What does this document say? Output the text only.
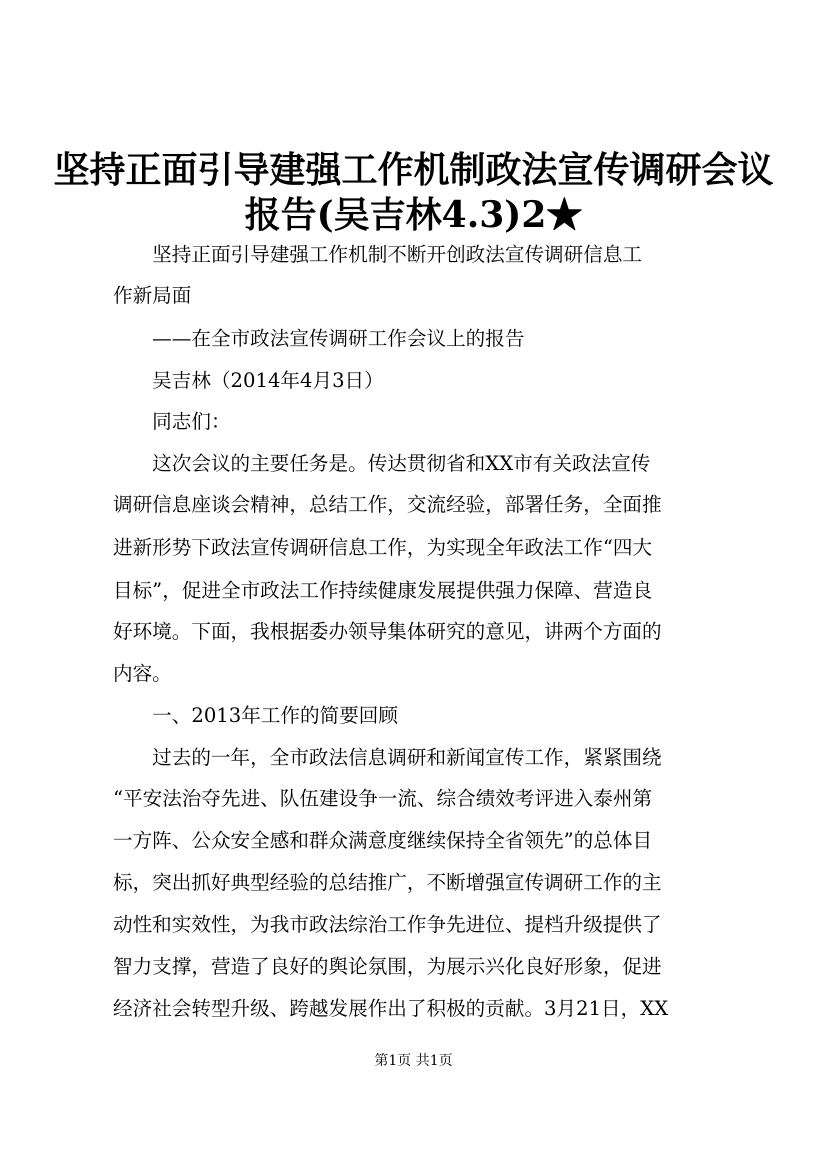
坚持正面引导建强工作机制政法宣传调研会议
报告(吴吉林4.3)2★
　　坚持正面引导建强工作机制不断开创政法宣传调研信息工
作新局面
　　——在全市政法宣传调研工作会议上的报告
　　吴吉林（2014年4月3日）
　　同志们：
　　这次会议的主要任务是。传达贯彻省和XX市有关政法宣传
调研信息座谈会精神，总结工作，交流经验，部署任务，全面推
进新形势下政法宣传调研信息工作，为实现全年政法工作“四大
目标”，促进全市政法工作持续健康发展提供强力保障、营造良
好环境。下面，我根据委办领导集体研究的意见，讲两个方面的
内容。
　　一、2013年工作的简要回顾
　　过去的一年，全市政法信息调研和新闻宣传工作，紧紧围绕
“平安法治夺先进、队伍建设争一流、综合绩效考评进入泰州第
一方阵、公众安全感和群众满意度继续保持全省领先”的总体目
标，突出抓好典型经验的总结推广，不断增强宣传调研工作的主
动性和实效性，为我市政法综治工作争先进位、提档升级提供了
智力支撑，营造了良好的舆论氛围，为展示兴化良好形象，促进
经济社会转型升级、跨越发展作出了积极的贡献。3月21日，XX
第1页 共1页
